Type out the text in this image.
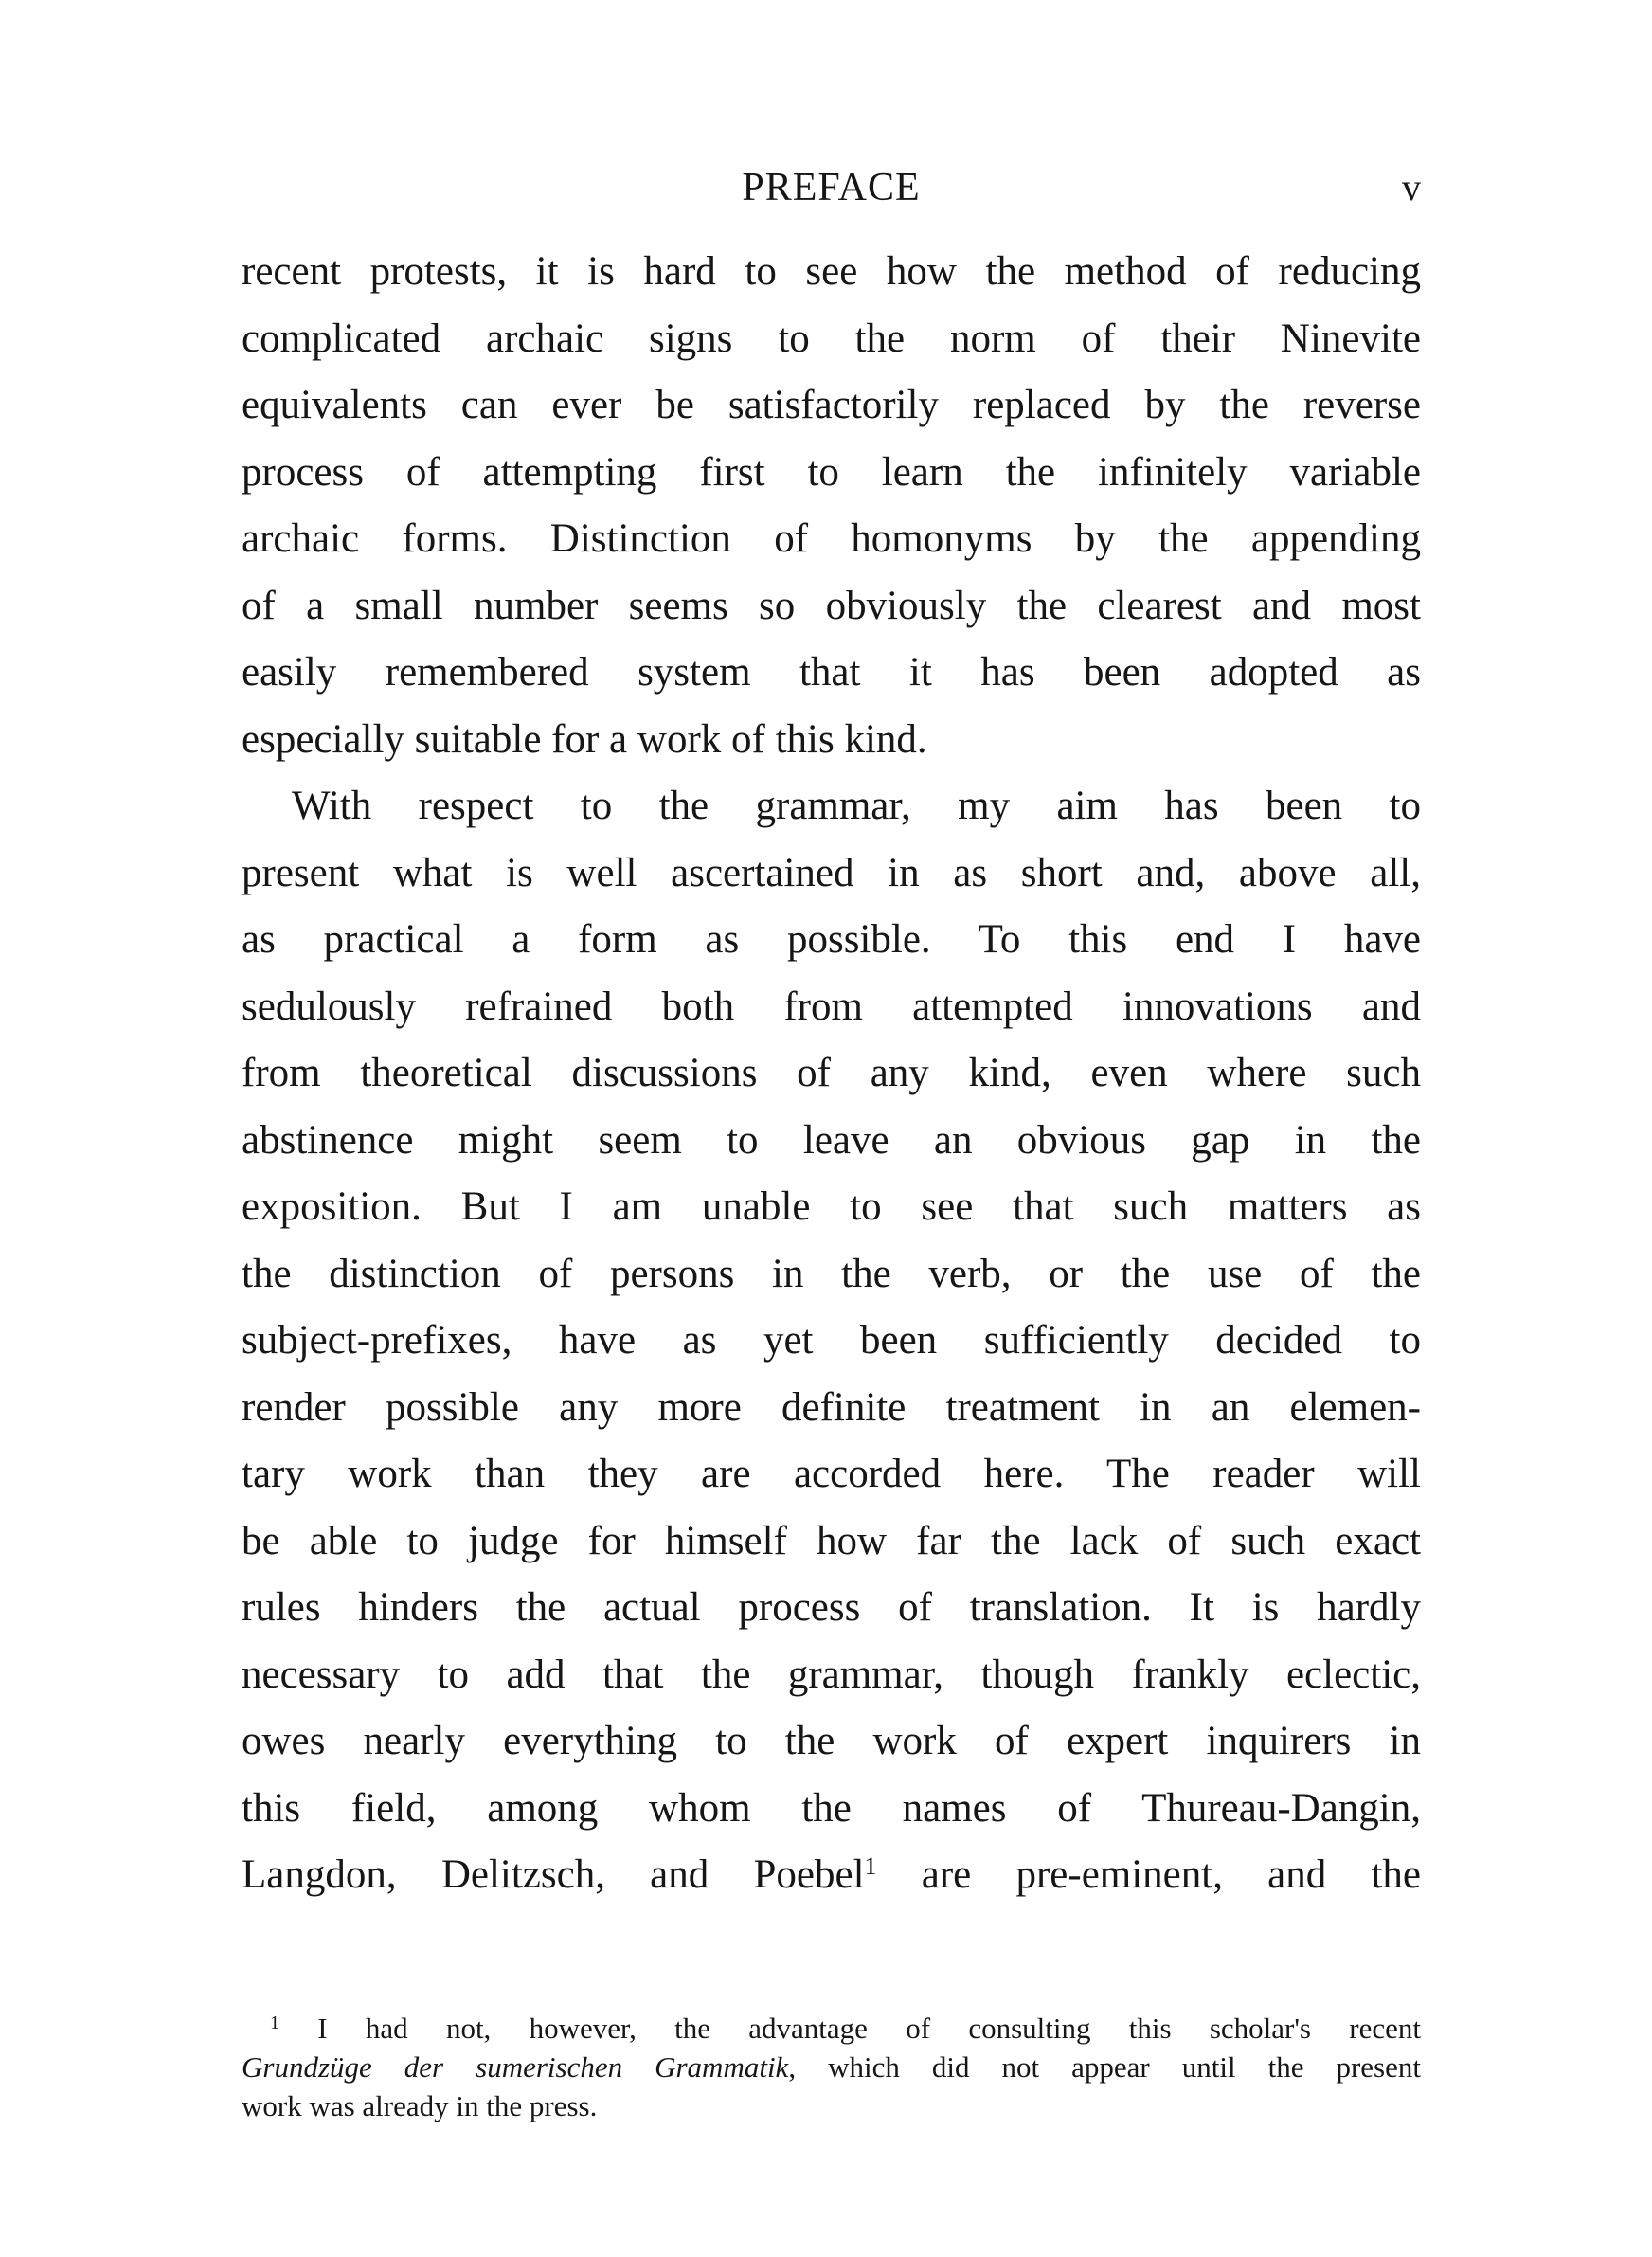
PREFACE	v
recent protests, it is hard to see how the method of reducing
complicated archaic signs to the norm of their Ninevite
equivalents can ever be satisfactorily replaced by the reverse
process of attempting first to learn the infinitely variable
archaic forms. Distinction of homonyms by the appending
of a small number seems so obviously the clearest and most
easily remembered system that it has been adopted as
especially suitable for a work of this kind.
With respect to the grammar, my aim has been to
present what is well ascertained in as short and, above all,
as practical a form as possible. To this end I have
sedulously refrained both from attempted innovations and
from theoretical discussions of any kind, even where such
abstinence might seem to leave an obvious gap in the
exposition. But I am unable to see that such matters as
the distinction of persons in the verb, or the use of the
subject-prefixes, have as yet been sufficiently decided to
render possible any more definite treatment in an elemen-
tary work than they are accorded here. The reader will
be able to judge for himself how far the lack of such exact
rules hinders the actual process of translation. It is hardly
necessary to add that the grammar, though frankly eclectic,
owes nearly everything to the work of expert inquirers in
this field, among whom the names of Thureau-Dangin,
Langdon, Delitzsch, and Poebel$^1$ are pre-eminent, and the
$^1$ I had not, however, the advantage of consulting this scholar's recent
Grundzüge der sumerischen Grammatik, which did not appear until the present
work was already in the press.
